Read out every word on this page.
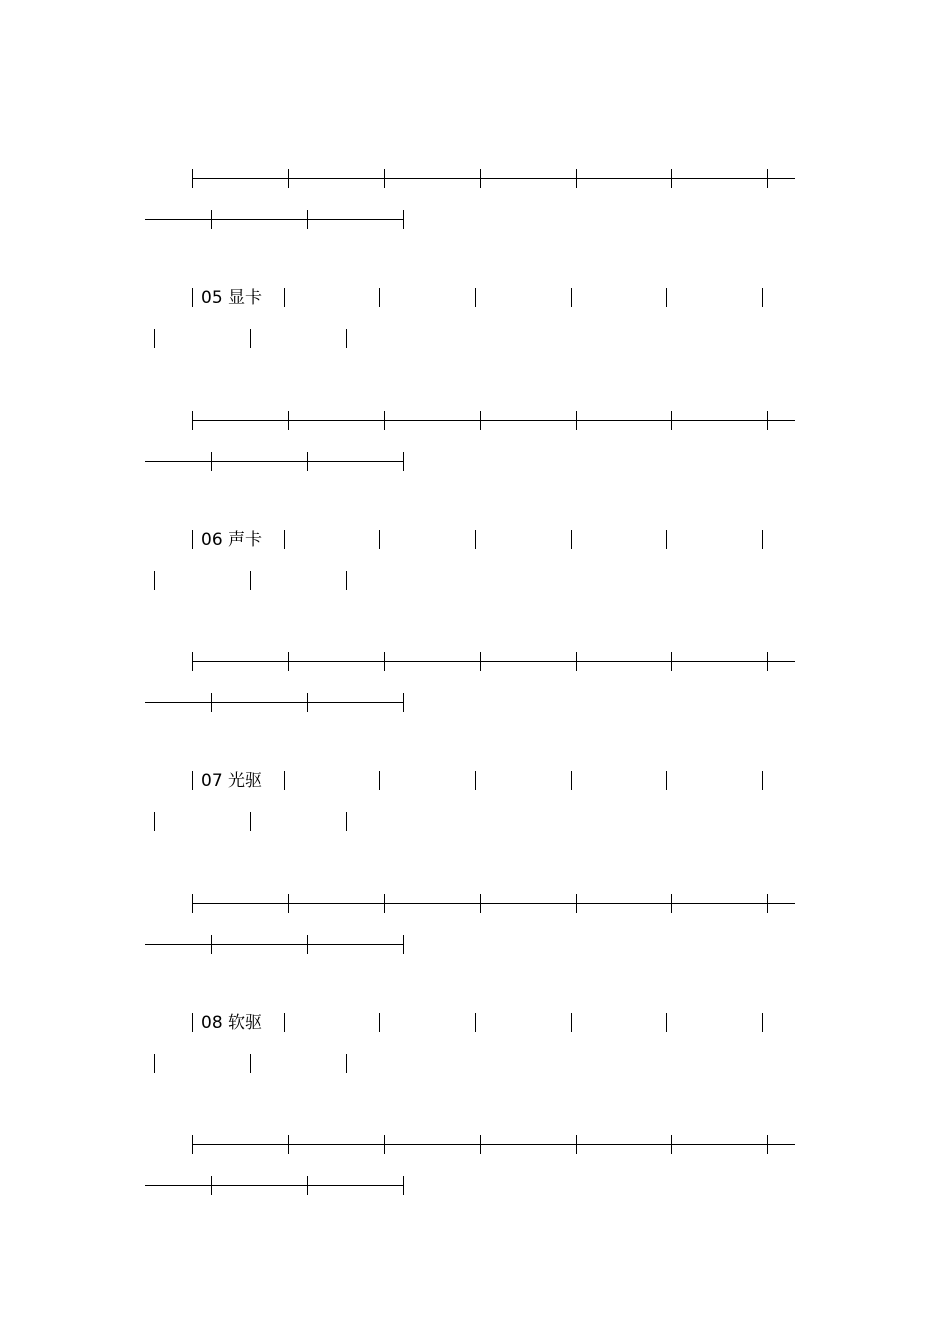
05 显卡
06 声卡
07 光驱
08 软驱
